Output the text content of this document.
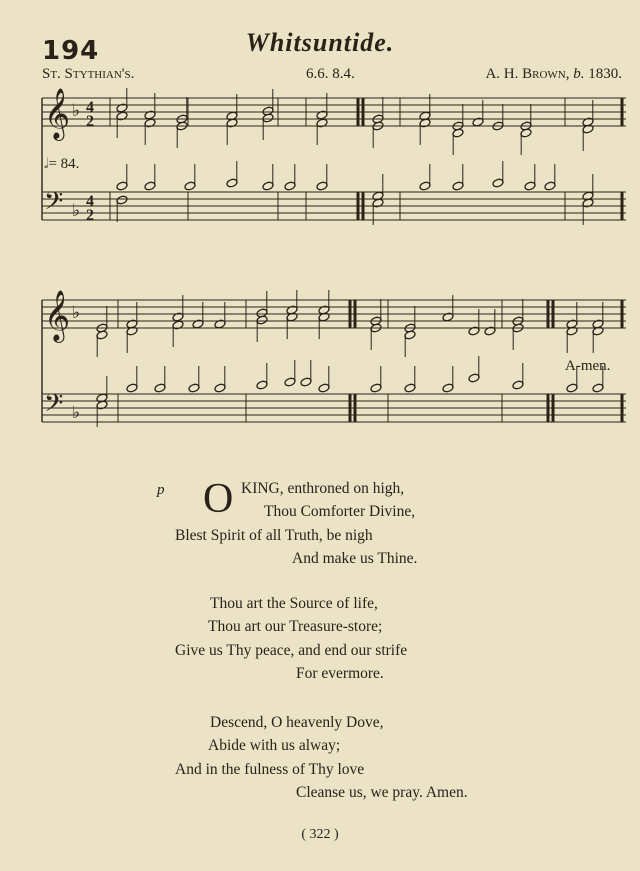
194	Whitsuntide.
St. Stythian's.	6.6. 8.4.	A. H. Brown, b. 1830.
𝄞
𝄢
♭
♭
4
2
4
2
𝄞
𝄢
♭
♭
𝅗𝅥= 84.
A-men.
p O KING, enthroned on high,
Thou Comforter Divine,
Blest Spirit of all Truth, be nigh
And make us Thine.
Thou art the Source of life,
Thou art our Treasure-store;
Give us Thy peace, and end our strife
For evermore.
Descend, O heavenly Dove,
Abide with us alway;
And in the fulness of Thy love
Cleanse us, we pray. Amen.
( 322 )
